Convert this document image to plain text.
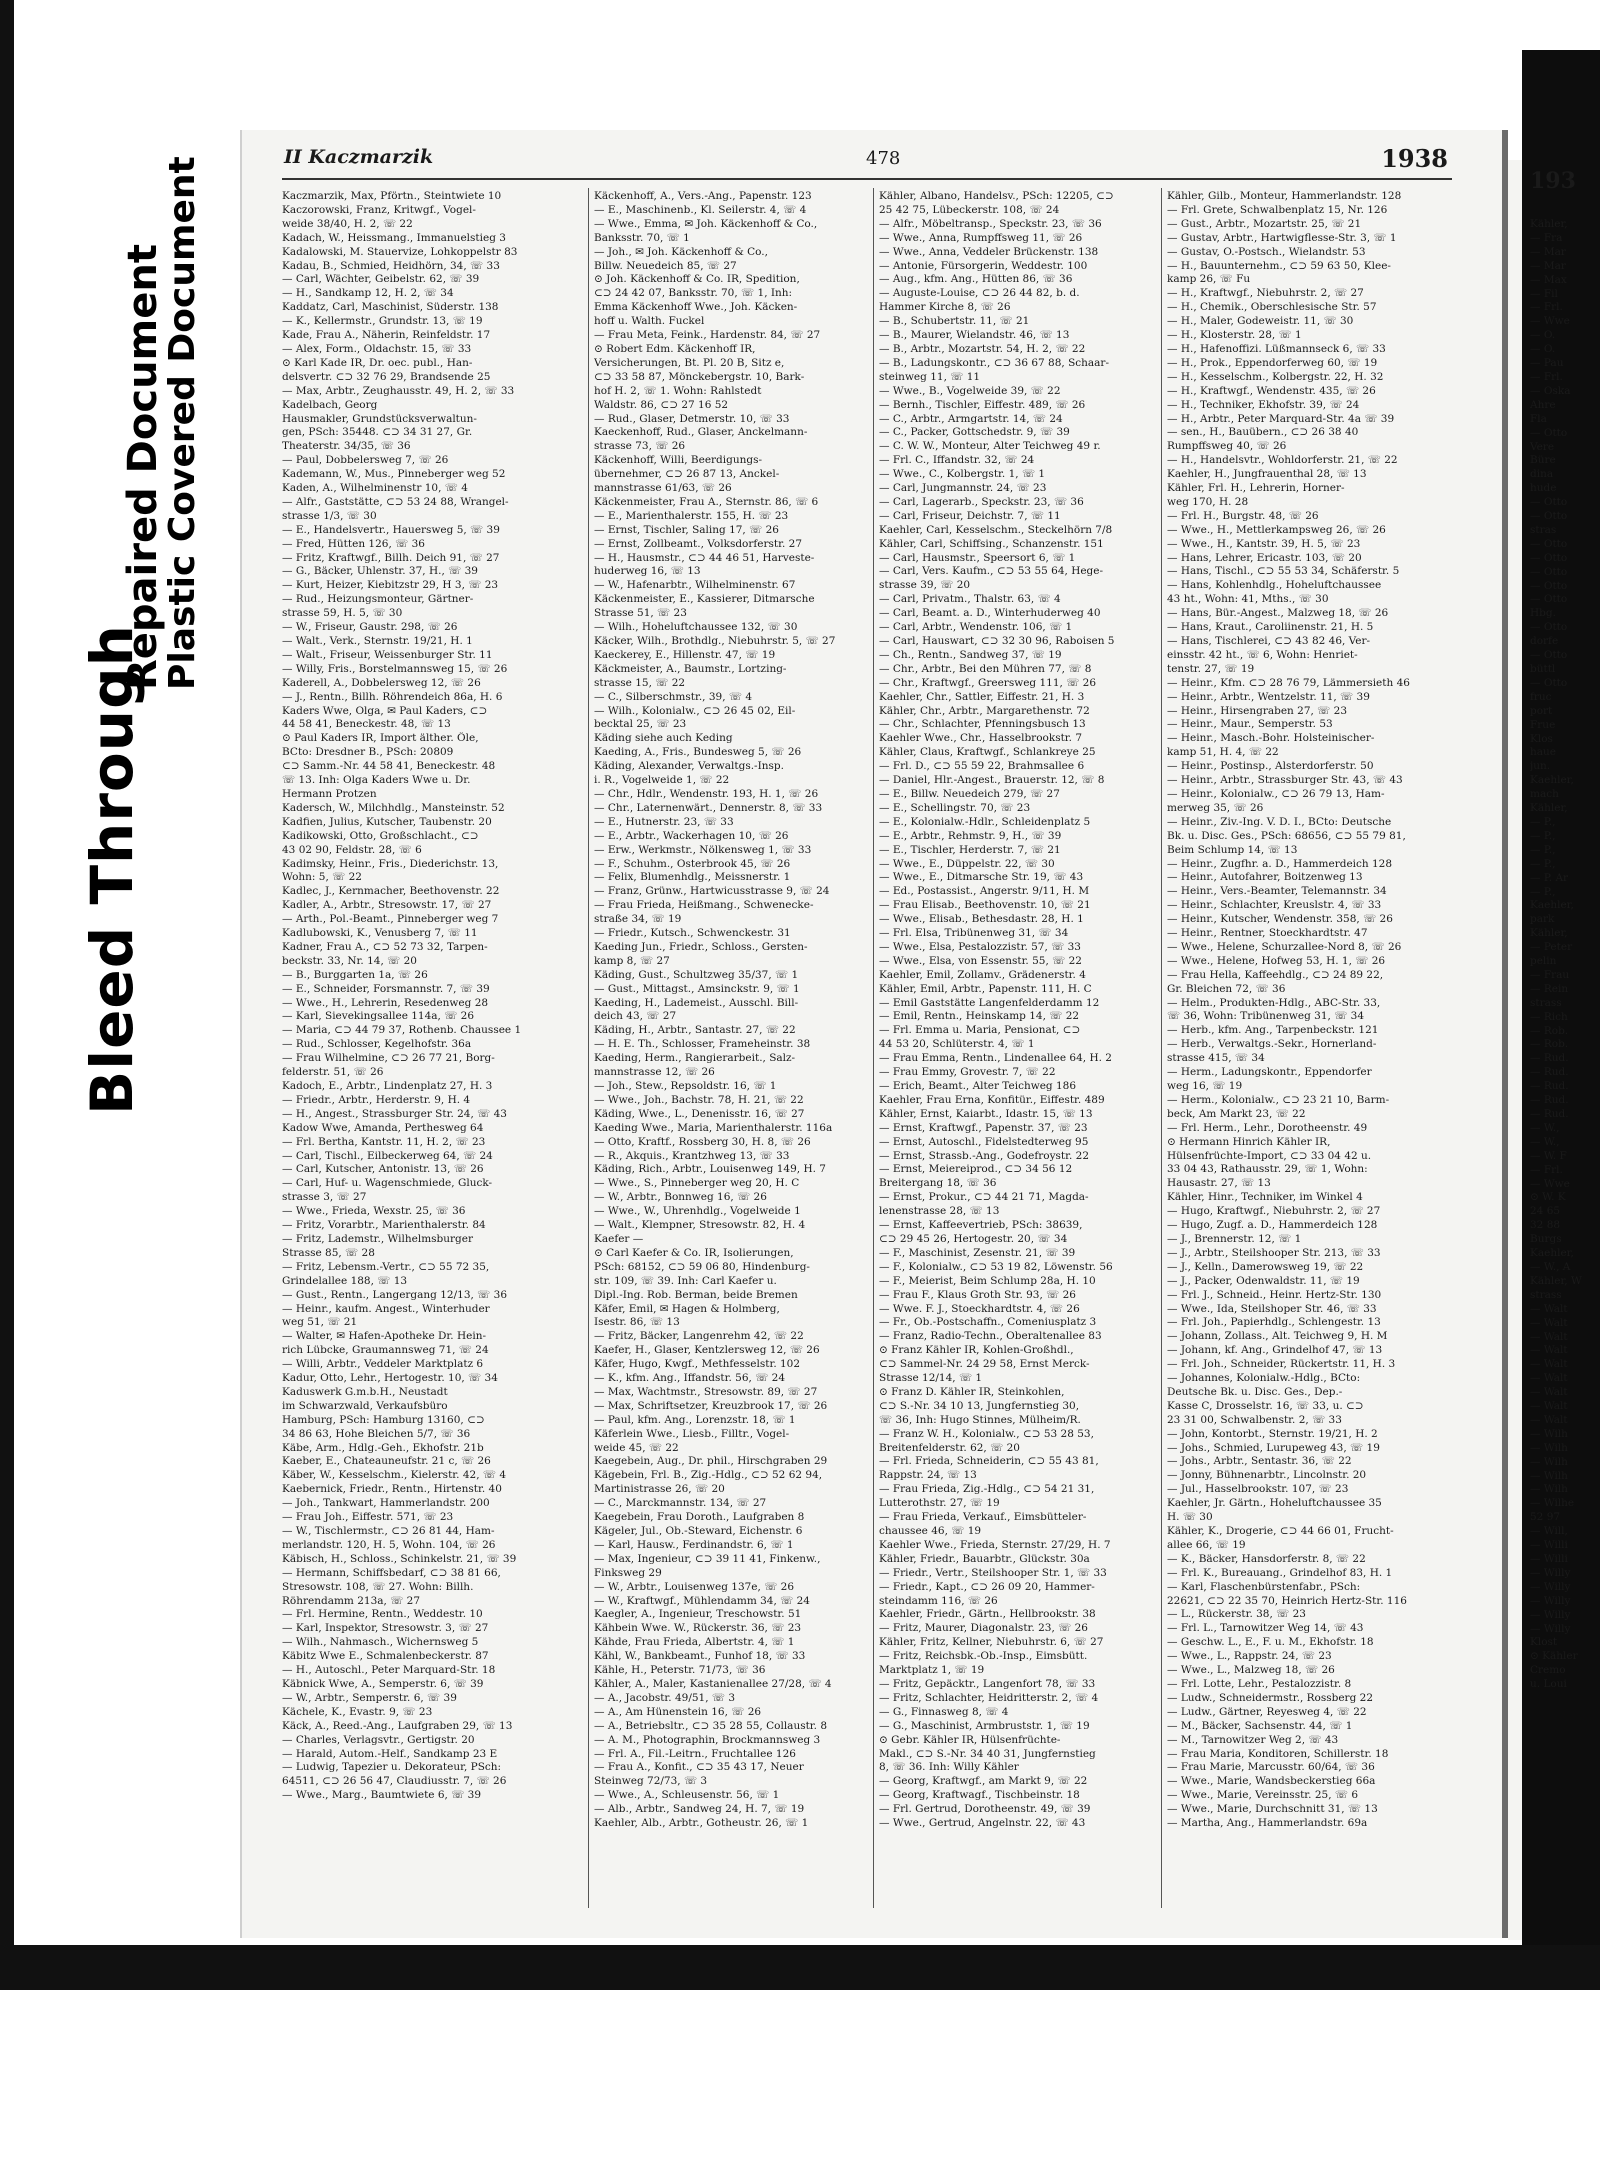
Bleed Through
Repaired Document
Plastic Covered Document	II Kaczmarzik	478	1938
Kaczmarzik, Max, Pförtn., Steintwiete 10
Kaczorowski, Franz, Kritwgf., Vogel-
weide 38/40, H. 2, ☏ 22
Kadach, W., Heissmang., Immanuelstieg 3
Kadalowski, M. Stauervize, Lohkoppelstr 83
Kadau, B., Schmied, Heidhörn, 34, ☏ 33
— Carl, Wächter, Geibelstr. 62, ☏ 39
— H., Sandkamp 12, H. 2, ☏ 34
Kaddatz, Carl, Maschinist, Süderstr. 138
— K., Kellermstr., Grundstr. 13, ☏ 19
Kade, Frau A., Näherin, Reinfeldstr. 17
— Alex, Form., Oldachstr. 15, ☏ 33
⊙ Karl Kade IR, Dr. oec. publ., Han-
delsvertr. ⊂⊃ 32 76 29, Brandsende 25
— Max, Arbtr., Zeughausstr. 49, H. 2, ☏ 33
Kadelbach, Georg
Hausmakler, Grundstücksverwaltun-
gen, PSch: 35448. ⊂⊃ 34 31 27, Gr.
Theaterstr. 34/35, ☏ 36
— Paul, Dobbelersweg 7, ☏ 26
Kademann, W., Mus., Pinneberger weg 52
Kaden, A., Wilhelminenstr 10, ☏ 4
— Alfr., Gaststätte, ⊂⊃ 53 24 88, Wrangel-
strasse 1/3, ☏ 30
— E., Handelsvertr., Hauersweg 5, ☏ 39
— Fred, Hütten 126, ☏ 36
— Fritz, Kraftwgf., Billh. Deich 91, ☏ 27
— G., Bäcker, Uhlenstr. 37, H., ☏ 39
— Kurt, Heizer, Kiebitzstr 29, H 3, ☏ 23
— Rud., Heizungsmonteur, Gärtner-
strasse 59, H. 5, ☏ 30
— W., Friseur, Gaustr. 298, ☏ 26
— Walt., Verk., Sternstr. 19/21, H. 1
— Walt., Friseur, Weissenburger Str. 11
— Willy, Fris., Borstelmannsweg 15, ☏ 26
Kaderell, A., Dobbelersweg 12, ☏ 26
— J., Rentn., Billh. Röhrendeich 86a, H. 6
Kaders Wwe, Olga, ✉ Paul Kaders, ⊂⊃
44 58 41, Beneckestr. 48, ☏ 13
⊙ Paul Kaders IR, Import älther. Öle,
BCto: Dresdner B., PSch: 20809
⊂⊃ Samm.-Nr. 44 58 41, Beneckestr. 48
☏ 13. Inh: Olga Kaders Wwe u. Dr.
Hermann Protzen
Kadersch, W., Milchhdlg., Mansteinstr. 52
Kadfien, Julius, Kutscher, Taubenstr. 20
Kadikowski, Otto, Großschlacht., ⊂⊃
43 02 90, Feldstr. 28, ☏ 6
Kadimsky, Heinr., Fris., Diederichstr. 13,
Wohn: 5, ☏ 22
Kadlec, J., Kernmacher, Beethovenstr. 22
Kadler, A., Arbtr., Stresowstr. 17, ☏ 27
— Arth., Pol.-Beamt., Pinneberger weg 7
Kadlubowski, K., Venusberg 7, ☏ 11
Kadner, Frau A., ⊂⊃ 52 73 32, Tarpen-
beckstr. 33, Nr. 14, ☏ 20
— B., Burggarten 1a, ☏ 26
— E., Schneider, Forsmannstr. 7, ☏ 39
— Wwe., H., Lehrerin, Resedenweg 28
— Karl, Sievekingsallee 114a, ☏ 26
— Maria, ⊂⊃ 44 79 37, Rothenb. Chaussee 1
— Rud., Schlosser, Kegelhofstr. 36a
— Frau Wilhelmine, ⊂⊃ 26 77 21, Borg-
felderstr. 51, ☏ 26
Kadoch, E., Arbtr., Lindenplatz 27, H. 3
— Friedr., Arbtr., Herderstr. 9, H. 4
— H., Angest., Strassburger Str. 24, ☏ 43
Kadow Wwe, Amanda, Perthesweg 64
— Frl. Bertha, Kantstr. 11, H. 2, ☏ 23
— Carl, Tischl., Eilbeckerweg 64, ☏ 24
— Carl, Kutscher, Antonistr. 13, ☏ 26
— Carl, Huf- u. Wagenschmiede, Gluck-
strasse 3, ☏ 27
— Wwe., Frieda, Wexstr. 25, ☏ 36
— Fritz, Vorarbtr., Marienthalerstr. 84
— Fritz, Lademstr., Wilhelmsburger
Strasse 85, ☏ 28
— Fritz, Lebensm.-Vertr., ⊂⊃ 55 72 35,
Grindelallee 188, ☏ 13
— Gust., Rentn., Langergang 12/13, ☏ 36
— Heinr., kaufm. Angest., Winterhuder
weg 51, ☏ 21
— Walter, ✉ Hafen-Apotheke Dr. Hein-
rich Lübcke, Graumannsweg 71, ☏ 24
— Willi, Arbtr., Veddeler Marktplatz 6
Kadur, Otto, Lehr., Hertogestr. 10, ☏ 34
Kaduswerk G.m.b.H., Neustadt
im Schwarzwald, Verkaufsbüro
Hamburg, PSch: Hamburg 13160, ⊂⊃
34 86 63, Hohe Bleichen 5/7, ☏ 36
Käbe, Arm., Hdlg.-Geh., Ekhofstr. 21b
Kaeber, E., Chateauneufstr. 21 c, ☏ 26
Käber, W., Kesselschm., Kielerstr. 42, ☏ 4
Kaebernick, Friedr., Rentn., Hirtenstr. 40
— Joh., Tankwart, Hammerlandstr. 200
— Frau Joh., Eiffestr. 571, ☏ 23
— W., Tischlermstr., ⊂⊃ 26 81 44, Ham-
merlandstr. 120, H. 5, Wohn. 104, ☏ 26
Käbisch, H., Schloss., Schinkelstr. 21, ☏ 39
— Hermann, Schiffsbedarf, ⊂⊃ 38 81 66,
Stresowstr. 108, ☏ 27. Wohn: Billh.
Röhrendamm 213a, ☏ 27
— Frl. Hermine, Rentn., Weddestr. 10
— Karl, Inspektor, Stresowstr. 3, ☏ 27
— Wilh., Nahmasch., Wichernsweg 5
Käbitz Wwe E., Schmalenbeckerstr. 87
— H., Autoschl., Peter Marquard-Str. 18
Käbnick Wwe, A., Semperstr. 6, ☏ 39
— W., Arbtr., Semperstr. 6, ☏ 39
Kächele, K., Evastr. 9, ☏ 23
Käck, A., Reed.-Ang., Laufgraben 29, ☏ 13
— Charles, Verlagsvtr., Gertigstr. 20
— Harald, Autom.-Helf., Sandkamp 23 E
— Ludwig, Tapezier u. Dekorateur, PSch:
64511, ⊂⊃ 26 56 47, Claudiusstr. 7, ☏ 26
— Wwe., Marg., Baumtwiete 6, ☏ 39
Käckenhoff, A., Vers.-Ang., Papenstr. 123
— E., Maschinenb., Kl. Seilerstr. 4, ☏ 4
— Wwe., Emma, ✉ Joh. Käckenhoff & Co.,
Banksstr. 70, ☏ 1
— Joh., ✉ Joh. Käckenhoff & Co.,
Billw. Neuedeich 85, ☏ 27
⊙ Joh. Käckenhoff & Co. IR, Spedition,
⊂⊃ 24 42 07, Banksstr. 70, ☏ 1, Inh:
Emma Käckenhoff Wwe., Joh. Käcken-
hoff u. Walth. Fuckel
— Frau Meta, Feink., Hardenstr. 84, ☏ 27
⊙ Robert Edm. Käckenhoff IR,
Versicherungen, Bt. Pl. 20 B, Sitz e,
⊂⊃ 33 58 87, Mönckebergstr. 10, Bark-
hof H. 2, ☏ 1. Wohn: Rahlstedt
Waldstr. 86, ⊂⊃ 27 16 52
— Rud., Glaser, Detmerstr. 10, ☏ 33
Kaeckenhoff, Rud., Glaser, Anckelmann-
strasse 73, ☏ 26
Käckenhoff, Willi, Beerdigungs-
übernehmer, ⊂⊃ 26 87 13, Anckel-
mannstrasse 61/63, ☏ 26
Käckenmeister, Frau A., Sternstr. 86, ☏ 6
— E., Marienthalerstr. 155, H. ☏ 23
— Ernst, Tischler, Saling 17, ☏ 26
— Ernst, Zollbeamt., Volksdorferstr. 27
— H., Hausmstr., ⊂⊃ 44 46 51, Harveste-
huderweg 16, ☏ 13
— W., Hafenarbtr., Wilhelminenstr. 67
Käckenmeister, E., Kassierer, Ditmarsche
Strasse 51, ☏ 23
— Wilh., Hoheluftchaussee 132, ☏ 30
Käcker, Wilh., Brothdlg., Niebuhrstr. 5, ☏ 27
Kaeckerey, E., Hillenstr. 47, ☏ 19
Käckmeister, A., Baumstr., Lortzing-
strasse 15, ☏ 22
— C., Silberschmstr., 39, ☏ 4
— Wilh., Kolonialw., ⊂⊃ 26 45 02, Eil-
becktal 25, ☏ 23
Käding siehe auch Keding
Kaeding, A., Fris., Bundesweg 5, ☏ 26
Käding, Alexander, Verwaltgs.-Insp.
i. R., Vogelweide 1, ☏ 22
— Chr., Hdlr., Wendenstr. 193, H. 1, ☏ 26
— Chr., Laternenwärt., Dennerstr. 8, ☏ 33
— E., Hutnerstr. 23, ☏ 33
— E., Arbtr., Wackerhagen 10, ☏ 26
— Erw., Werkmstr., Nölkensweg 1, ☏ 33
— F., Schuhm., Osterbrook 45, ☏ 26
— Felix, Blumenhdlg., Meissnerstr. 1
— Franz, Grünw., Hartwicusstrasse 9, ☏ 24
— Frau Frieda, Heißmang., Schwenecke-
straße 34, ☏ 19
— Friedr., Kutsch., Schwenckestr. 31
Kaeding Jun., Friedr., Schloss., Gersten-
kamp 8, ☏ 27
Käding, Gust., Schultzweg 35/37, ☏ 1
— Gust., Mittagst., Amsinckstr. 9, ☏ 1
Kaeding, H., Lademeist., Ausschl. Bill-
deich 43, ☏ 27
Käding, H., Arbtr., Santastr. 27, ☏ 22
— H. E. Th., Schlosser, Frameheinstr. 38
Kaeding, Herm., Rangierarbeit., Salz-
mannstrasse 12, ☏ 26
— Joh., Stew., Repsoldstr. 16, ☏ 1
— Wwe., Joh., Bachstr. 78, H. 21, ☏ 22
Käding, Wwe., L., Denenisstr. 16, ☏ 27
Kaeding Wwe., Maria, Marienthalerstr. 116a
— Otto, Kraftf., Rossberg 30, H. 8, ☏ 26
— R., Akquis., Krantzhweg 13, ☏ 33
Käding, Rich., Arbtr., Louisenweg 149, H. 7
— Wwe., S., Pinneberger weg 20, H. C
— W., Arbtr., Bonnweg 16, ☏ 26
— Wwe., W., Uhrenhdlg., Vogelweide 1
— Walt., Klempner, Stresowstr. 82, H. 4
Kaefer —
⊙ Carl Kaefer & Co. IR, Isolierungen,
PSch: 68152, ⊂⊃ 59 06 80, Hindenburg-
str. 109, ☏ 39. Inh: Carl Kaefer u.
Dipl.-Ing. Rob. Berman, beide Bremen
Käfer, Emil, ✉ Hagen & Holmberg,
Isestr. 86, ☏ 13
— Fritz, Bäcker, Langenrehm 42, ☏ 22
Kaefer, H., Glaser, Kentzlersweg 12, ☏ 26
Käfer, Hugo, Kwgf., Methfesselstr. 102
— K., kfm. Ang., Iffandstr. 56, ☏ 24
— Max, Wachtmstr., Stresowstr. 89, ☏ 27
— Max, Schriftsetzer, Kreuzbrook 17, ☏ 26
— Paul, kfm. Ang., Lorenzstr. 18, ☏ 1
Käferlein Wwe., Liesb., Filltr., Vogel-
weide 45, ☏ 22
Kaegebein, Aug., Dr. phil., Hirschgraben 29
Kägebein, Frl. B., Zig.-Hdlg., ⊂⊃ 52 62 94,
Martinistrasse 26, ☏ 20
— C., Marckmannstr. 134, ☏ 27
Kaegebein, Frau Doroth., Laufgraben 8
Kägeler, Jul., Ob.-Steward, Eichenstr. 6
— Karl, Hausw., Ferdinandstr. 6, ☏ 1
— Max, Ingenieur, ⊂⊃ 39 11 41, Finkenw.,
Finksweg 29
— W., Arbtr., Louisenweg 137e, ☏ 26
— W., Kraftwgf., Mühlendamm 34, ☏ 24
Kaegler, A., Ingenieur, Treschowstr. 51
Kähbein Wwe. W., Rückerstr. 36, ☏ 23
Kähde, Frau Frieda, Albertstr. 4, ☏ 1
Kähl, W., Bankbeamt., Funhof 18, ☏ 33
Kähle, H., Peterstr. 71/73, ☏ 36
Kähler, A., Maler, Kastanienallee 27/28, ☏ 4
— A., Jacobstr. 49/51, ☏ 3
— A., Am Hünenstein 16, ☏ 26
— A., Betriebsltr., ⊂⊃ 35 28 55, Collaustr. 8
— A. M., Photographin, Brockmannsweg 3
— Frl. A., Fil.-Leitrn., Fruchtallee 126
— Frau A., Konfit., ⊂⊃ 35 43 17, Neuer
Steinweg 72/73, ☏ 3
— Wwe., A., Schleusenstr. 56, ☏ 1
— Alb., Arbtr., Sandweg 24, H. 7, ☏ 19
Kaehler, Alb., Arbtr., Gotheustr. 26, ☏ 1
Kähler, Albano, Handelsv., PSch: 12205, ⊂⊃
25 42 75, Lübeckerstr. 108, ☏ 24
— Alfr., Möbeltransp., Speckstr. 23, ☏ 36
— Wwe., Anna, Rumpffsweg 11, ☏ 26
— Wwe., Anna, Veddeler Brückenstr. 138
— Antonie, Fürsorgerin, Weddestr. 100
— Aug., kfm. Ang., Hütten 86, ☏ 36
— Auguste-Louise, ⊂⊃ 26 44 82, b. d.
Hammer Kirche 8, ☏ 26
— B., Schubertstr. 11, ☏ 21
— B., Maurer, Wielandstr. 46, ☏ 13
— B., Arbtr., Mozartstr. 54, H. 2, ☏ 22
— B., Ladungskontr., ⊂⊃ 36 67 88, Schaar-
steinweg 11, ☏ 11
— Wwe., B., Vogelweide 39, ☏ 22
— Bernh., Tischler, Eiffestr. 489, ☏ 26
— C., Arbtr., Armgartstr. 14, ☏ 24
— C., Packer, Gottschedstr. 9, ☏ 39
— C. W. W., Monteur, Alter Teichweg 49 r.
— Frl. C., Iffandstr. 32, ☏ 24
— Wwe., C., Kolbergstr. 1, ☏ 1
— Carl, Jungmannstr. 24, ☏ 23
— Carl, Lagerarb., Speckstr. 23, ☏ 36
— Carl, Friseur, Deichstr. 7, ☏ 11
Kaehler, Carl, Kesselschm., Steckelhörn 7/8
Kähler, Carl, Schiffsing., Schanzenstr. 151
— Carl, Hausmstr., Speersort 6, ☏ 1
— Carl, Vers. Kaufm., ⊂⊃ 53 55 64, Hege-
strasse 39, ☏ 20
— Carl, Privatm., Thalstr. 63, ☏ 4
— Carl, Beamt. a. D., Winterhuderweg 40
— Carl, Arbtr., Wendenstr. 106, ☏ 1
— Carl, Hauswart, ⊂⊃ 32 30 96, Raboisen 5
— Ch., Rentn., Sandweg 37, ☏ 19
— Chr., Arbtr., Bei den Mühren 77, ☏ 8
— Chr., Kraftwgf., Greersweg 111, ☏ 26
Kaehler, Chr., Sattler, Eiffestr. 21, H. 3
Kähler, Chr., Arbtr., Margarethenstr. 72
— Chr., Schlachter, Pfenningsbusch 13
Kaehler Wwe., Chr., Hasselbrookstr. 7
Kähler, Claus, Kraftwgf., Schlankreye 25
— Frl. D., ⊂⊃ 55 59 22, Brahmsallee 6
— Daniel, Hlr.-Angest., Brauerstr. 12, ☏ 8
— E., Billw. Neuedeich 279, ☏ 27
— E., Schellingstr. 70, ☏ 23
— E., Kolonialw.-Hdlr., Schleidenplatz 5
— E., Arbtr., Rehmstr. 9, H., ☏ 39
— E., Tischler, Herderstr. 7, ☏ 21
— Wwe., E., Düppelstr. 22, ☏ 30
— Wwe., E., Ditmarsche Str. 19, ☏ 43
— Ed., Postassist., Angerstr. 9/11, H. M
— Frau Elisab., Beethovenstr. 10, ☏ 21
— Wwe., Elisab., Bethesdastr. 28, H. 1
— Frl. Elsa, Tribünenweg 31, ☏ 34
— Wwe., Elsa, Pestalozzistr. 57, ☏ 33
— Wwe., Elsa, von Essenstr. 55, ☏ 22
Kaehler, Emil, Zollamv., Grädenerstr. 4
Kähler, Emil, Arbtr., Papenstr. 111, H. C
— Emil Gaststätte Langenfelderdamm 12
— Emil, Rentn., Heinskamp 14, ☏ 22
— Frl. Emma u. Maria, Pensionat, ⊂⊃
44 53 20, Schlüterstr. 4, ☏ 1
— Frau Emma, Rentn., Lindenallee 64, H. 2
— Frau Emmy, Grovestr. 7, ☏ 22
— Erich, Beamt., Alter Teichweg 186
Kaehler, Frau Erna, Konfitür., Eiffestr. 489
Kähler, Ernst, Kaiarbt., Idastr. 15, ☏ 13
— Ernst, Kraftwgf., Papenstr. 37, ☏ 23
— Ernst, Autoschl., Fidelstedterweg 95
— Ernst, Strassb.-Ang., Godefroystr. 22
— Ernst, Meiereiprod., ⊂⊃ 34 56 12
Breitergang 18, ☏ 36
— Ernst, Prokur., ⊂⊃ 44 21 71, Magda-
lenenstrasse 28, ☏ 13
— Ernst, Kaffeevertrieb, PSch: 38639,
⊂⊃ 29 45 26, Hertogestr. 20, ☏ 34
— F., Maschinist, Zesenstr. 21, ☏ 39
— F., Kolonialw., ⊂⊃ 53 19 82, Löwenstr. 56
— F., Meierist, Beim Schlump 28a, H. 10
— Frau F., Klaus Groth Str. 93, ☏ 26
— Wwe. F. J., Stoeckhardtstr. 4, ☏ 26
— Fr., Ob.-Postschaffn., Comeniusplatz 3
— Franz, Radio-Techn., Oberaltenallee 83
⊙ Franz Kähler IR, Kohlen-Großhdl.,
⊂⊃ Sammel-Nr. 24 29 58, Ernst Merck-
Strasse 12/14, ☏ 1
⊙ Franz D. Kähler IR, Steinkohlen,
⊂⊃ S.-Nr. 34 10 13, Jungfernstieg 30,
☏ 36, Inh: Hugo Stinnes, Mülheim/R.
— Franz W. H., Kolonialw., ⊂⊃ 53 28 53,
Breitenfelderstr. 62, ☏ 20
— Frl. Frieda, Schneiderin, ⊂⊃ 55 43 81,
Rappstr. 24, ☏ 13
— Frau Frieda, Zig.-Hdlg., ⊂⊃ 54 21 31,
Lutterothstr. 27, ☏ 19
— Frau Frieda, Verkauf., Eimsbütteler-
chaussee 46, ☏ 19
Kaehler Wwe., Frieda, Sternstr. 27/29, H. 7
Kähler, Friedr., Bauarbtr., Glückstr. 30a
— Friedr., Vertr., Steilshooper Str. 1, ☏ 33
— Friedr., Kapt., ⊂⊃ 26 09 20, Hammer-
steindamm 116, ☏ 26
Kaehler, Friedr., Gärtn., Hellbrookstr. 38
— Fritz, Maurer, Diagonalstr. 23, ☏ 26
Kähler, Fritz, Kellner, Niebuhrstr. 6, ☏ 27
— Fritz, Reichsbk.-Ob.-Insp., Eimsbütt.
Marktplatz 1, ☏ 19
— Fritz, Gepäcktr., Langenfort 78, ☏ 33
— Fritz, Schlachter, Heidritterstr. 2, ☏ 4
— G., Finnasweg 8, ☏ 4
— G., Maschinist, Armbruststr. 1, ☏ 19
⊙ Gebr. Kähler IR, Hülsenfrüchte-
Makl., ⊂⊃ S.-Nr. 34 40 31, Jungfernstieg
8, ☏ 36. Inh: Willy Kähler
— Georg, Kraftwgf., am Markt 9, ☏ 22
— Georg, Kraftwagf., Tischbeinstr. 18
— Frl. Gertrud, Dorotheenstr. 49, ☏ 39
— Wwe., Gertrud, Angelnstr. 22, ☏ 43
Kähler, Gilb., Monteur, Hammerlandstr. 128
— Frl. Grete, Schwalbenplatz 15, Nr. 126
— Gust., Arbtr., Mozartstr. 25, ☏ 21
— Gustav, Arbtr., Hartwigflesse-Str. 3, ☏ 1
— Gustav, O.-Postsch., Wielandstr. 53
— H., Bauunternehm., ⊂⊃ 59 63 50, Klee-
kamp 26, ☏ Fu
— H., Kraftwgf., Niebuhrstr. 2, ☏ 27
— H., Chemik., Oberschlesische Str. 57
— H., Maler, Godeweistr. 11, ☏ 30
— H., Klosterstr. 28, ☏ 1
— H., Hafenoffizi. Lüßmannseck 6, ☏ 33
— H., Prok., Eppendorferweg 60, ☏ 19
— H., Kesselschm., Kolbergstr. 22, H. 32
— H., Kraftwgf., Wendenstr. 435, ☏ 26
— H., Techniker, Ekhofstr. 39, ☏ 24
— H., Arbtr., Peter Marquard-Str. 4a ☏ 39
— sen., H., Bauübern., ⊂⊃ 26 38 40
Rumpffsweg 40, ☏ 26
— H., Handelsvtr., Wohldorferstr. 21, ☏ 22
Kaehler, H., Jungfrauenthal 28, ☏ 13
Kähler, Frl. H., Lehrerin, Horner-
weg 170, H. 28
— Frl. H., Burgstr. 48, ☏ 26
— Wwe., H., Mettlerkampsweg 26, ☏ 26
— Wwe., H., Kantstr. 39, H. 5, ☏ 23
— Hans, Lehrer, Ericastr. 103, ☏ 20
— Hans, Tischl., ⊂⊃ 55 53 34, Schäferstr. 5
— Hans, Kohlenhdlg., Hoheluftchaussee
43 ht., Wohn: 41, Mths., ☏ 30
— Hans, Bür.-Angest., Malzweg 18, ☏ 26
— Hans, Kraut., Caroliinenstr. 21, H. 5
— Hans, Tischlerei, ⊂⊃ 43 82 46, Ver-
einsstr. 42 ht., ☏ 6, Wohn: Henriet-
tenstr. 27, ☏ 19
— Heinr., Kfm. ⊂⊃ 28 76 79, Lämmersieth 46
— Heinr., Arbtr., Wentzelstr. 11, ☏ 39
— Heinr., Hirsengraben 27, ☏ 23
— Heinr., Maur., Semperstr. 53
— Heinr., Masch.-Bohr. Holsteinischer-
kamp 51, H. 4, ☏ 22
— Heinr., Postinsp., Alsterdorferstr. 50
— Heinr., Arbtr., Strassburger Str. 43, ☏ 43
— Heinr., Kolonialw., ⊂⊃ 26 79 13, Ham-
merweg 35, ☏ 26
— Heinr., Ziv.-Ing. V. D. I., BCto: Deutsche
Bk. u. Disc. Ges., PSch: 68656, ⊂⊃ 55 79 81,
Beim Schlump 14, ☏ 13
— Heinr., Zugfhr. a. D., Hammerdeich 128
— Heinr., Autofahrer, Boitzenweg 13
— Heinr., Vers.-Beamter, Telemannstr. 34
— Heinr., Schlachter, Kreuslstr. 4, ☏ 33
— Heinr., Kutscher, Wendenstr. 358, ☏ 26
— Heinr., Rentner, Stoeckhardtstr. 47
— Wwe., Helene, Schurzallee-Nord 8, ☏ 26
— Wwe., Helene, Hofweg 53, H. 1, ☏ 26
— Frau Hella, Kaffeehdlg., ⊂⊃ 24 89 22,
Gr. Bleichen 72, ☏ 36
— Helm., Produkten-Hdlg., ABC-Str. 33,
☏ 36, Wohn: Tribünenweg 31, ☏ 34
— Herb., kfm. Ang., Tarpenbeckstr. 121
— Herb., Verwaltgs.-Sekr., Hornerland-
strasse 415, ☏ 34
— Herm., Ladungskontr., Eppendorfer
weg 16, ☏ 19
— Herm., Kolonialw., ⊂⊃ 23 21 10, Barm-
beck, Am Markt 23, ☏ 22
— Frl. Herm., Lehr., Dorotheenstr. 49
⊙ Hermann Hinrich Kähler IR,
Hülsenfrüchte-Import, ⊂⊃ 33 04 42 u.
33 04 43, Rathausstr. 29, ☏ 1, Wohn:
Hausastr. 27, ☏ 13
Kähler, Hinr., Techniker, im Winkel 4
— Hugo, Kraftwgf., Niebuhrstr. 2, ☏ 27
— Hugo, Zugf. a. D., Hammerdeich 128
— J., Brennerstr. 12, ☏ 1
— J., Arbtr., Steilshooper Str. 213, ☏ 33
— J., Kelln., Damerowsweg 19, ☏ 22
— J., Packer, Odenwaldstr. 11, ☏ 19
— Frl. J., Schneid., Heinr. Hertz-Str. 130
— Wwe., Ida, Steilshoper Str. 46, ☏ 33
— Frl. Joh., Papierhdlg., Schlengestr. 13
— Johann, Zollass., Alt. Teichweg 9, H. M
— Johann, kf. Ang., Grindelhof 47, ☏ 13
— Frl. Joh., Schneider, Rückertstr. 11, H. 3
— Johannes, Kolonialw.-Hdlg., BCto:
Deutsche Bk. u. Disc. Ges., Dep.-
Kasse C, Drosselstr. 16, ☏ 33, u. ⊂⊃
23 31 00, Schwalbenstr. 2, ☏ 33
— John, Kontorbt., Sternstr. 19/21, H. 2
— Johs., Schmied, Lurupeweg 43, ☏ 19
— Johs., Arbtr., Sentastr. 36, ☏ 22
— Jonny, Bühnenarbtr., Lincolnstr. 20
— Jul., Hasselbrookstr. 107, ☏ 23
Kaehler, Jr. Gärtn., Hoheluftchaussee 35
H. ☏ 30
Kähler, K., Drogerie, ⊂⊃ 44 66 01, Frucht-
allee 66, ☏ 19
— K., Bäcker, Hansdorferstr. 8, ☏ 22
— Frl. K., Bureauang., Grindelhof 83, H. 1
— Karl, Flaschenbürstenfabr., PSch:
22621, ⊂⊃ 22 35 70, Heinrich Hertz-Str. 116
— L., Rückerstr. 38, ☏ 23
— Frl. L., Tarnowitzer Weg 14, ☏ 43
— Geschw. L., E., F. u. M., Ekhofstr. 18
— Wwe., L., Rappstr. 24, ☏ 23
— Wwe., L., Malzweg 18, ☏ 26
— Frl. Lotte, Lehr., Pestalozzistr. 8
— Ludw., Schneidermstr., Rossberg 22
— Ludw., Gärtner, Reyesweg 4, ☏ 22
— M., Bäcker, Sachsenstr. 44, ☏ 1
— M., Tarnowitzer Weg 2, ☏ 43
— Frau Maria, Konditoren, Schillerstr. 18
— Frau Marie, Marcusstr. 60/64, ☏ 36
— Wwe., Marie, Wandsbeckerstieg 66a
— Wwe., Marie, Vereinsstr. 25, ☏ 6
— Wwe., Marie, Durchschnitt 31, ☏ 13
— Martha, Ang., Hammerlandstr. 69a
193
Kähler,
— Fra
— Mar
— Mar
— Max
— Fil
— Frl.
— Wwe
— O.
— O.
— Pau
— Frl.
— Oska
Ahre
Fla
— Otto
Vere
Büre
dina
hude
— Otto
— Otto
stras
— Otto
— Otto
— Otto
— Otto
— Otto
Hbg.
— Otto
dorfe
— Otto
büttl
— Otto
fruc
port
Frue
Klos
haue
jun.
Kaehler,
mach
Kähler,
— P.,
— P.,
— P.,
— P.,
— P. Ar
— P.,
Kaehler,
park
Kähler,
— Peter
pelin
— Frau
— Rein
strass
— Rich
— Rob.
— Rob.
— Rud.
— Rud.
— Rud.
— Rud.
— Rud.
— W.,
— W.,
— W. F
— Frl.
— Wwe
⊙ W. K
24 65
32 88
Burgs
Kaehler,
— W., A
Kähler, W
strass
— Walt
— Walt
— Walt
— Walt
— Walt
— Walt
— Walt
— Walt
— Walt
— Wilh
— Wilh
— Wilh
— Wilh
— Wilh
— Wilhe
52 97
— Will,
— Willi
— Willi
— Willy
— Willy
— Willy
— Willy
— Willy
Klost
⊙ Kähler
Cremo
u. Loui
